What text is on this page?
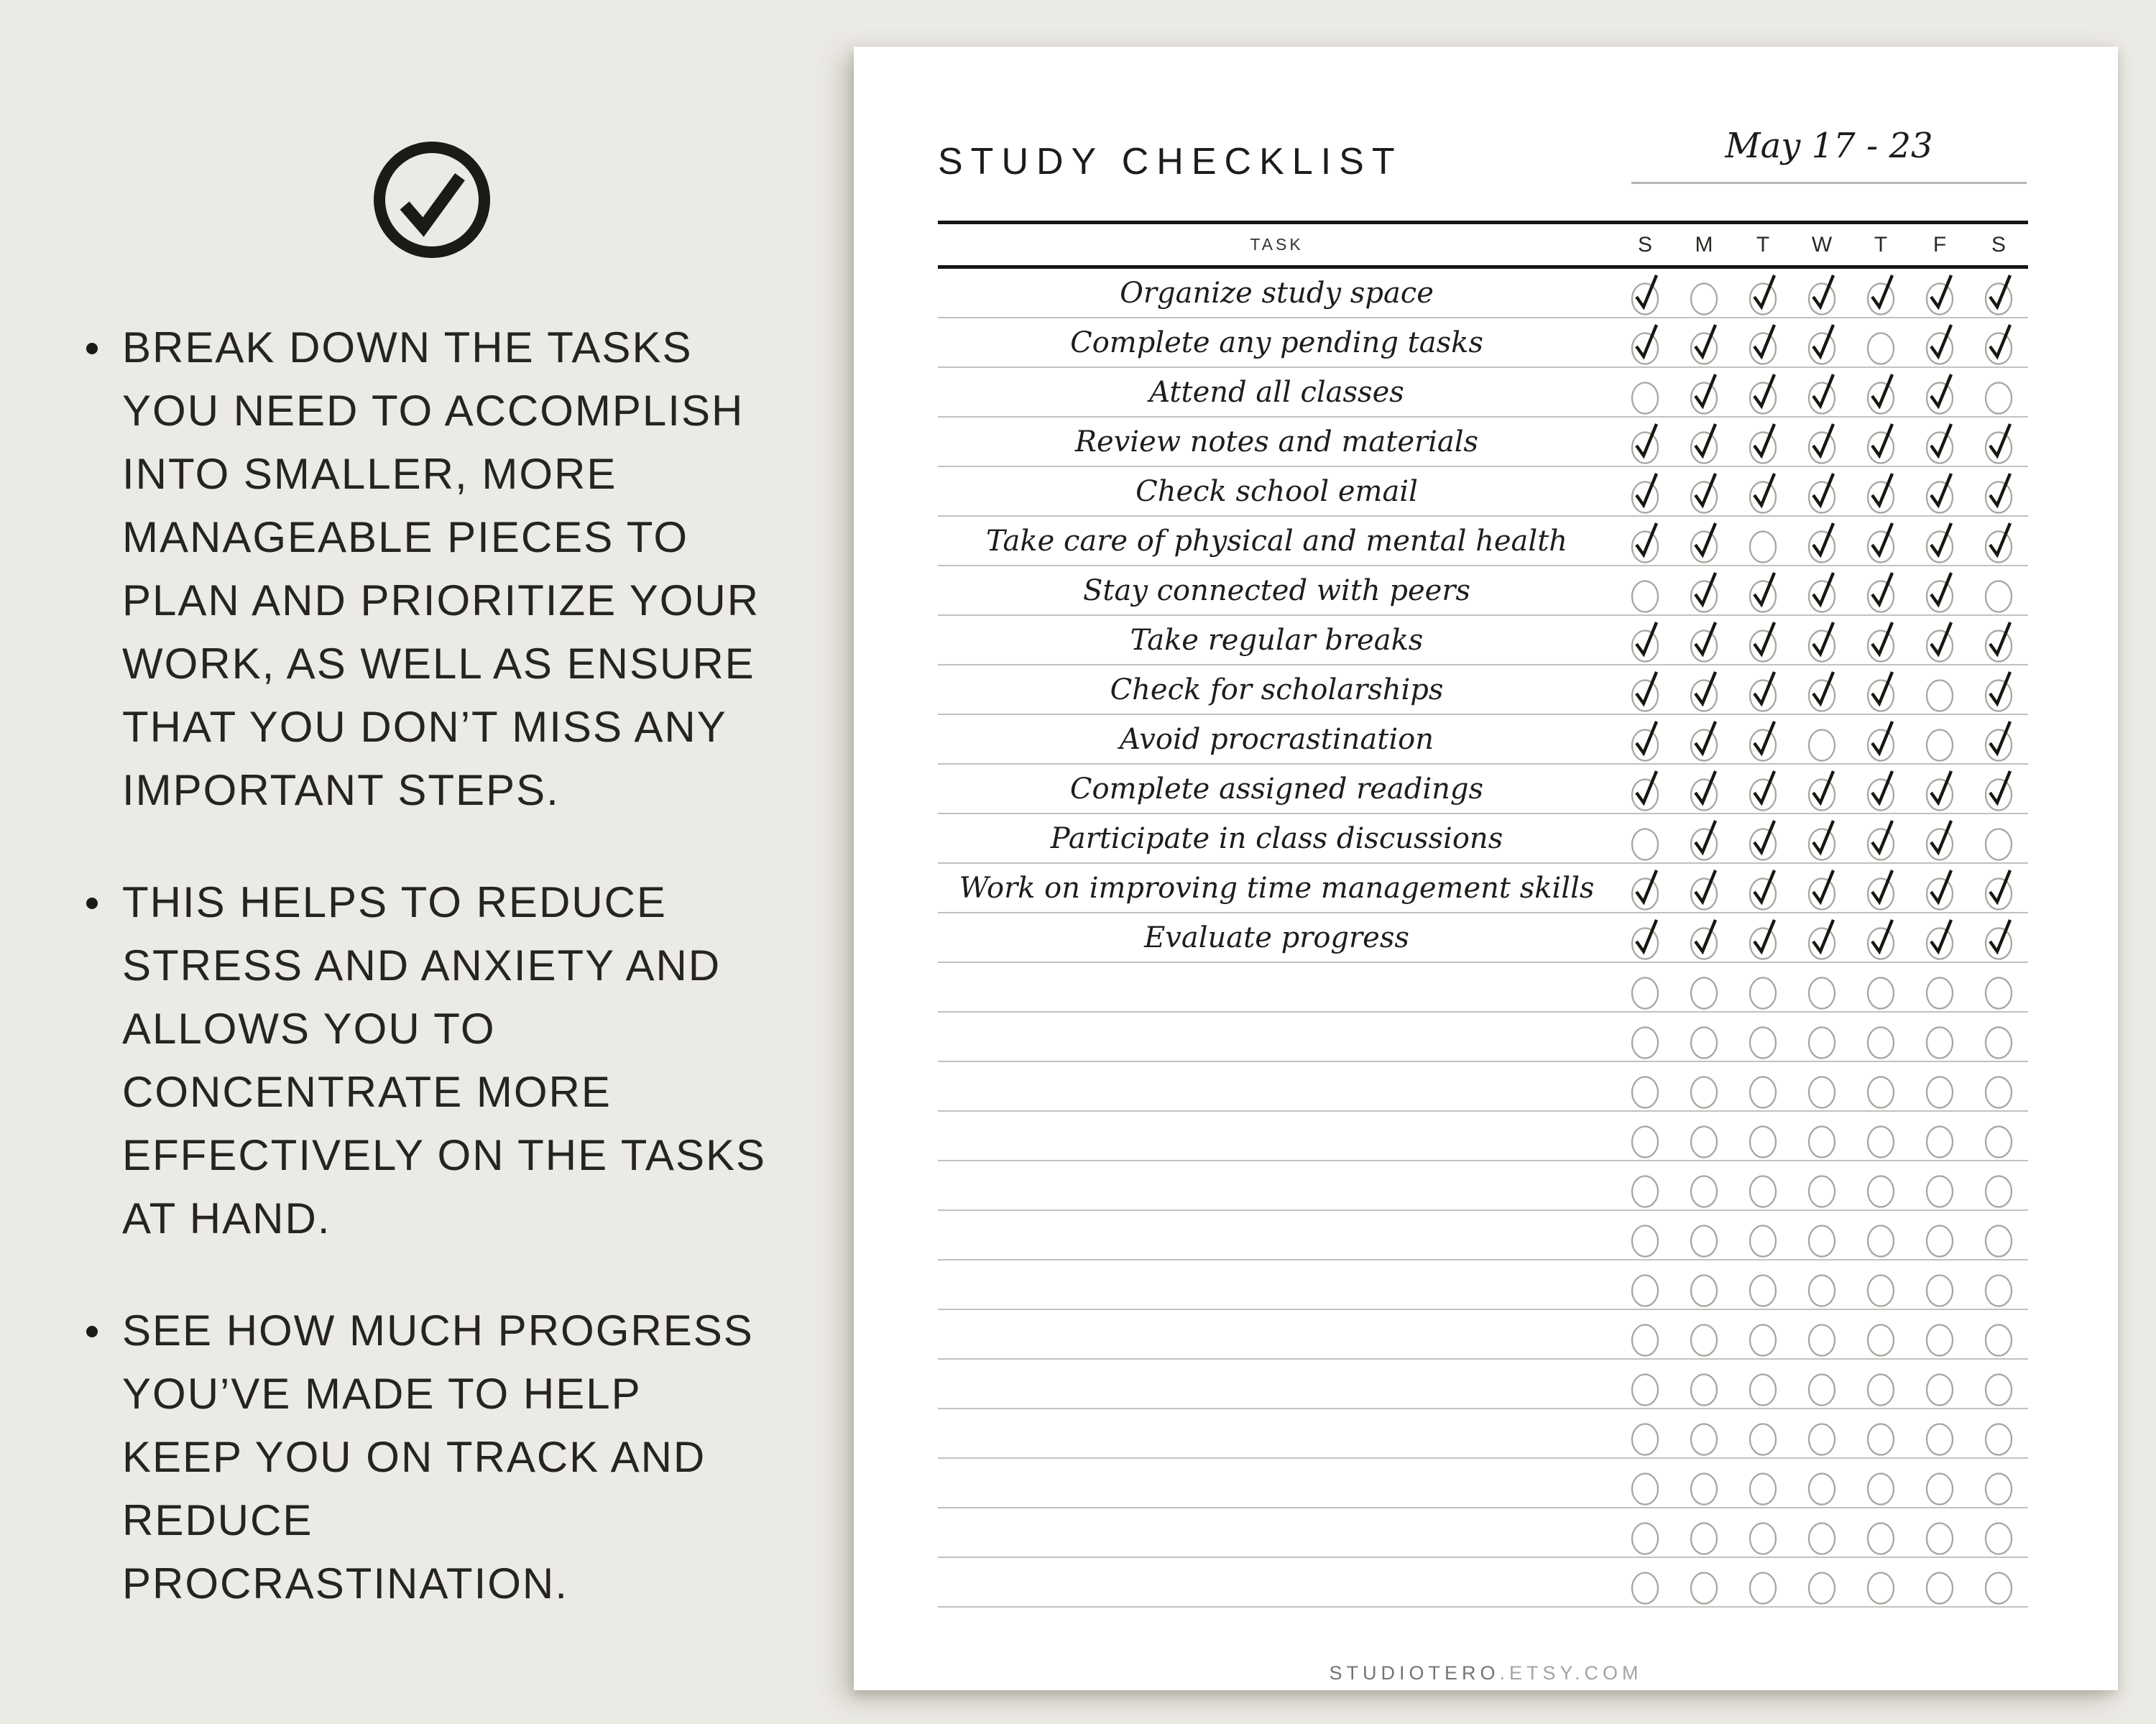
BREAK DOWN THE TASKS YOU NEED TO ACCOMPLISH INTO SMALLER, MORE MANAGEABLE PIECES TO PLAN AND PRIORITIZE YOUR WORK, AS WELL AS ENSURE THAT YOU DON’T MISS ANY IMPORTANT STEPS.
THIS HELPS TO REDUCE STRESS AND ANXIETY AND ALLOWS YOU TO CONCENTRATE MORE EFFECTIVELY ON THE TASKS AT HAND.
SEE HOW MUCH PROGRESS YOU’VE MADE TO HELP KEEP YOU ON TRACK AND REDUCE PROCRASTINATION.
STUDY CHECKLIST	May 17 - 23
TASK	S	M	T	W	T	F	S
Organize study space
Complete any pending tasks
Attend all classes
Review notes and materials
Check school email
Take care of physical and mental health
Stay connected with peers
Take regular breaks
Check for scholarships
Avoid procrastination
Complete assigned readings
Participate in class discussions
Work on improving time management skills
Evaluate progress
STUDIOTERO.ETSY.COM
